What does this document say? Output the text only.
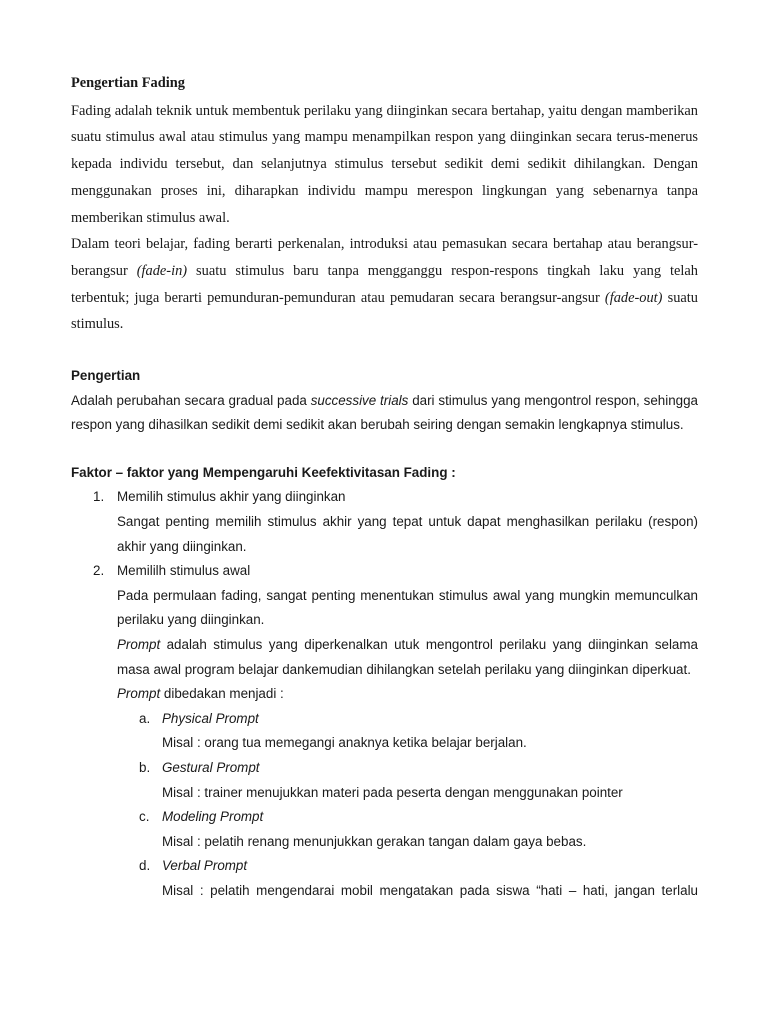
Pengertian Fading

Fading adalah teknik untuk membentuk perilaku yang diinginkan secara bertahap, yaitu dengan mamberikan suatu stimulus awal atau stimulus yang mampu menampilkan respon yang diinginkan secara terus-menerus kepada individu tersebut, dan selanjutnya stimulus tersebut sedikit demi sedikit dihilangkan. Dengan menggunakan proses ini, diharapkan individu mampu merespon lingkungan yang sebenarnya tanpa memberikan stimulus awal.
Dalam teori belajar, fading berarti perkenalan, introduksi atau pemasukan secara bertahap atau berangsur-berangsur (fade-in) suatu stimulus baru tanpa mengganggu respon-respons tingkah laku yang telah terbentuk; juga berarti pemunduran-pemunduran atau pemudaran secara berangsur-angsur (fade-out) suatu stimulus.

Pengertian

Adalah perubahan secara gradual pada successive trials dari stimulus yang mengontrol respon, sehingga respon yang dihasilkan sedikit demi sedikit akan berubah seiring dengan semakin lengkapnya stimulus.

Faktor – faktor yang Mempengaruhi Keefektivitasan Fading :

1. Memilih stimulus akhir yang diinginkan

Sangat penting memilih stimulus akhir yang tepat untuk dapat menghasilkan perilaku (respon) akhir yang diinginkan.

2. Memililh stimulus awal

Pada permulaan fading, sangat penting menentukan stimulus awal yang mungkin memunculkan perilaku yang diinginkan.

Prompt adalah stimulus yang diperkenalkan utuk mengontrol perilaku yang diinginkan selama masa awal program belajar dankemudian dihilangkan setelah perilaku yang diinginkan diperkuat.

Prompt dibedakan menjadi :

a. Physical Prompt

Misal : orang tua memegangi anaknya ketika belajar berjalan.

b. Gestural Prompt

Misal : trainer menujukkan materi pada peserta dengan menggunakan pointer

c. Modeling Prompt

Misal : pelatih renang menunjukkan gerakan tangan dalam gaya bebas.

d. Verbal Prompt

Misal : pelatih mengendarai mobil mengatakan pada siswa “hati – hati, jangan terlalu
